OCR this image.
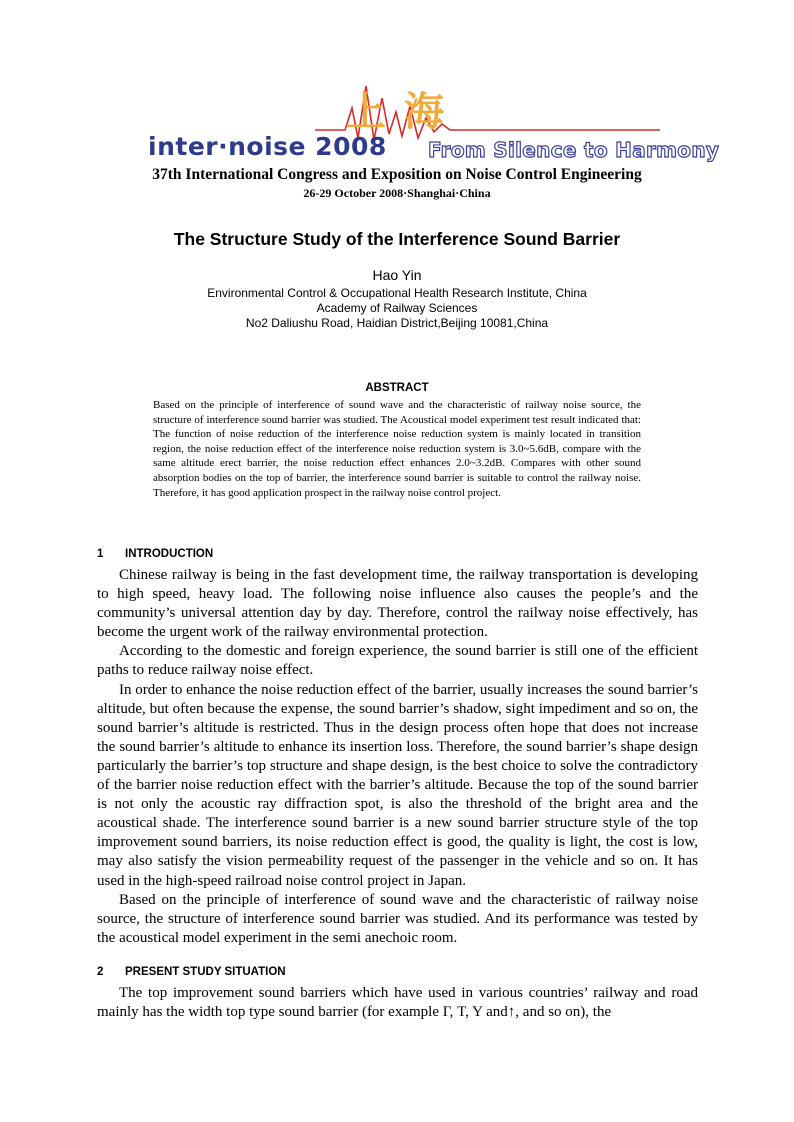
上海
inter·noise 2008 From Silence to Harmony
37th International Congress and Exposition on Noise Control Engineering
26-29 October 2008·Shanghai·China
The Structure Study of the Interference Sound Barrier
Hao Yin
Environmental Control & Occupational Health Research Institute, China
Academy of Railway Sciences
No2 Daliushu Road, Haidian District,Beijing 10081,China
ABSTRACT
Based on the principle of interference of sound wave and the characteristic of railway noise source, the structure of interference sound barrier was studied. The Acoustical model experiment test result indicated that: The function of noise reduction of the interference noise reduction system is mainly located in transition region, the noise reduction effect of the interference noise reduction system is 3.0~5.6dB, compare with the same altitude erect barrier, the noise reduction effect enhances 2.0~3.2dB. Compares with other sound absorption bodies on the top of barrier, the interference sound barrier is suitable to control the railway noise. Therefore, it has good application prospect in the railway noise control project.
1 INTRODUCTION

Chinese railway is being in the fast development time, the railway transportation is developing to high speed, heavy load. The following noise influence also causes the people’s and the community’s universal attention day by day. Therefore, control the railway noise effectively, has become the urgent work of the railway environmental protection.

According to the domestic and foreign experience, the sound barrier is still one of the efficient paths to reduce railway noise effect.

In order to enhance the noise reduction effect of the barrier, usually increases the sound barrier’s altitude, but often because the expense, the sound barrier’s shadow, sight impediment and so on, the sound barrier’s altitude is restricted. Thus in the design process often hope that does not increase the sound barrier’s altitude to enhance its insertion loss. Therefore, the sound barrier’s shape design particularly the barrier’s top structure and shape design, is the best choice to solve the contradictory of the barrier noise reduction effect with the barrier’s altitude. Because the top of the sound barrier is not only the acoustic ray diffraction spot, is also the threshold of the bright area and the acoustical shade. The interference sound barrier is a new sound barrier structure style of the top improvement sound barriers, its noise reduction effect is good, the quality is light, the cost is low, may also satisfy the vision permeability request of the passenger in the vehicle and so on. It has used in the high-speed railroad noise control project in Japan.

Based on the principle of interference of sound wave and the characteristic of railway noise source, the structure of interference sound barrier was studied. And its performance was tested by the acoustical model experiment in the semi anechoic room.

2 PRESENT STUDY SITUATION

The top improvement sound barriers which have used in various countries’ railway and road mainly has the width top type sound barrier (for example Γ, T, Y and↑, and so on), the
